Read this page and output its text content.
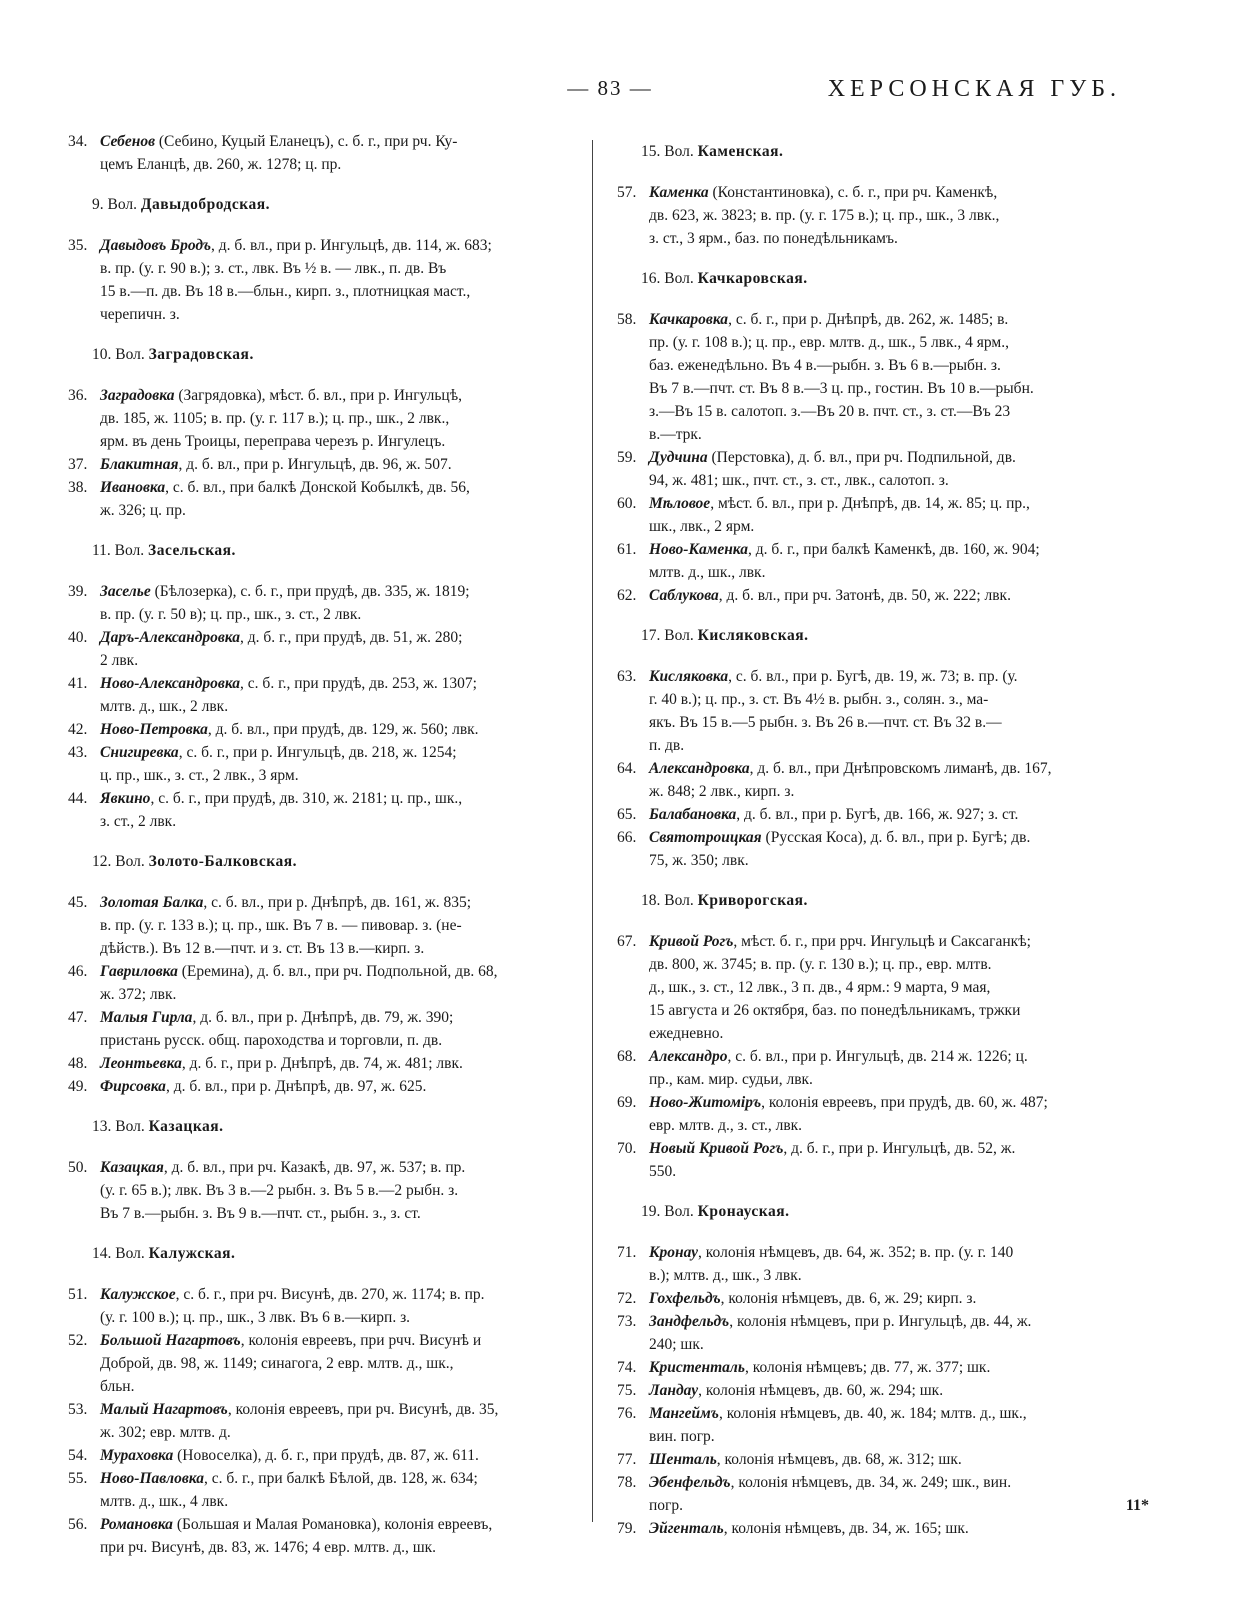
— 83 —	ХЕРСОНСКАЯ ГУБ.
34. Себенов (Себино, Куцый Еланецъ), с. б. г., при рч. Ку-
цемъ Еланцѣ, дв. 260, ж. 1278; ц. пр.
9. Вол. Давыдобродская.
35. Давыдовъ Бродъ, д. б. вл., при р. Ингульцѣ, дв. 114, ж. 683;
в. пр. (у. г. 90 в.); з. ст., лвк. Въ ½ в. — лвк., п. дв. Въ
15 в.—п. дв. Въ 18 в.—бльн., кирп. з., плотницкая маст.,
черепичн. з.
10. Вол. Заградовская.
36. Заградовка (Загрядовка), мѣст. б. вл., при р. Ингульцѣ,
дв. 185, ж. 1105; в. пр. (у. г. 117 в.); ц. пр., шк., 2 лвк.,
ярм. въ день Троицы, переправа черезъ р. Ингулецъ.
37. Блакитная, д. б. вл., при р. Ингульцѣ, дв. 96, ж. 507.
38. Ивановка, с. б. вл., при балкѣ Донской Кобылкѣ, дв. 56,
ж. 326; ц. пр.
11. Вол. Засельская.
39. Заселье (Бѣлозерка), с. б. г., при прудѣ, дв. 335, ж. 1819;
в. пр. (у. г. 50 в); ц. пр., шк., з. ст., 2 лвк.
40. Даръ-Александровка, д. б. г., при прудѣ, дв. 51, ж. 280;
2 лвк.
41. Ново-Александровка, с. б. г., при прудѣ, дв. 253, ж. 1307;
млтв. д., шк., 2 лвк.
42. Ново-Петровка, д. б. вл., при прудѣ, дв. 129, ж. 560; лвк.
43. Снигиревка, с. б. г., при р. Ингульцѣ, дв. 218, ж. 1254;
ц. пр., шк., з. ст., 2 лвк., 3 ярм.
44. Явкино, с. б. г., при прудѣ, дв. 310, ж. 2181; ц. пр., шк.,
з. ст., 2 лвк.
12. Вол. Золото-Балковская.
45. Золотая Балка, с. б. вл., при р. Днѣпрѣ, дв. 161, ж. 835;
в. пр. (у. г. 133 в.); ц. пр., шк. Въ 7 в. — пивовар. з. (не-
дѣйств.). Въ 12 в.—пчт. и з. ст. Въ 13 в.—кирп. з.
46. Гавриловка (Еремина), д. б. вл., при рч. Подпольной, дв. 68,
ж. 372; лвк.
47. Малыя Гирла, д. б. вл., при р. Днѣпрѣ, дв. 79, ж. 390;
пристань русск. общ. пароходства и торговли, п. дв.
48. Леонтьевка, д. б. г., при р. Днѣпрѣ, дв. 74, ж. 481; лвк.
49. Фирсовка, д. б. вл., при р. Днѣпрѣ, дв. 97, ж. 625.
13. Вол. Казацкая.
50. Казацкая, д. б. вл., при рч. Казакѣ, дв. 97, ж. 537; в. пр.
(у. г. 65 в.); лвк. Въ 3 в.—2 рыбн. з. Въ 5 в.—2 рыбн. з.
Въ 7 в.—рыбн. з. Въ 9 в.—пчт. ст., рыбн. з., з. ст.
14. Вол. Калужская.
51. Калужское, с. б. г., при рч. Висунѣ, дв. 270, ж. 1174; в. пр.
(у. г. 100 в.); ц. пр., шк., 3 лвк. Въ 6 в.—кирп. з.
52. Большой Нагартовъ, колонія евреевъ, при рчч. Висунѣ и
Доброй, дв. 98, ж. 1149; синагога, 2 евр. млтв. д., шк.,
бльн.
53. Малый Нагартовъ, колонія евреевъ, при рч. Висунѣ, дв. 35,
ж. 302; евр. млтв. д.
54. Мураховка (Новоселка), д. б. г., при прудѣ, дв. 87, ж. 611.
55. Ново-Павловка, с. б. г., при балкѣ Бѣлой, дв. 128, ж. 634;
млтв. д., шк., 4 лвк.
56. Романовка (Большая и Малая Романовка), колонія евреевъ,
при рч. Висунѣ, дв. 83, ж. 1476; 4 евр. млтв. д., шк.
15. Вол. Каменская.
57. Каменка (Константиновка), с. б. г., при рч. Каменкѣ,
дв. 623, ж. 3823; в. пр. (у. г. 175 в.); ц. пр., шк., 3 лвк.,
з. ст., 3 ярм., баз. по понедѣльникамъ.
16. Вол. Качкаровская.
58. Качкаровка, с. б. г., при р. Днѣпрѣ, дв. 262, ж. 1485; в.
пр. (у. г. 108 в.); ц. пр., евр. млтв. д., шк., 5 лвк., 4 ярм.,
баз. еженедѣльно. Въ 4 в.—рыбн. з. Въ 6 в.—рыбн. з.
Въ 7 в.—пчт. ст. Въ 8 в.—3 ц. пр., гостин. Въ 10 в.—рыбн.
з.—Въ 15 в. салотоп. з.—Въ 20 в. пчт. ст., з. ст.—Въ 23
в.—трк.
59. Дудчина (Перстовка), д. б. вл., при рч. Подпильной, дв.
94, ж. 481; шк., пчт. ст., з. ст., лвк., салотоп. з.
60. Мѣловое, мѣст. б. вл., при р. Днѣпрѣ, дв. 14, ж. 85; ц. пр.,
шк., лвк., 2 ярм.
61. Ново-Каменка, д. б. г., при балкѣ Каменкѣ, дв. 160, ж. 904;
млтв. д., шк., лвк.
62. Саблукова, д. б. вл., при рч. Затонѣ, дв. 50, ж. 222; лвк.
17. Вол. Кисляковская.
63. Кисляковка, с. б. вл., при р. Бугѣ, дв. 19, ж. 73; в. пр. (у.
г. 40 в.); ц. пр., з. ст. Въ 4½ в. рыбн. з., солян. з., ма-
якъ. Въ 15 в.—5 рыбн. з. Въ 26 в.—пчт. ст. Въ 32 в.—
п. дв.
64. Александровка, д. б. вл., при Днѣпровскомъ лиманѣ, дв. 167,
ж. 848; 2 лвк., кирп. з.
65. Балабановка, д. б. вл., при р. Бугѣ, дв. 166, ж. 927; з. ст.
66. Святотроицкая (Русская Коса), д. б. вл., при р. Бугѣ; дв.
75, ж. 350; лвк.
18. Вол. Криворогская.
67. Кривой Рогъ, мѣст. б. г., при ррч. Ингульцѣ и Саксаганкѣ;
дв. 800, ж. 3745; в. пр. (у. г. 130 в.); ц. пр., евр. млтв.
д., шк., з. ст., 12 лвк., 3 п. дв., 4 ярм.: 9 марта, 9 мая,
15 августа и 26 октября, баз. по понедѣльникамъ, тржки
ежедневно.
68. Александро, с. б. вл., при р. Ингульцѣ, дв. 214 ж. 1226; ц.
пр., кам. мир. судьи, лвк.
69. Ново-Житоміръ, колонія евреевъ, при прудѣ, дв. 60, ж. 487;
евр. млтв. д., з. ст., лвк.
70. Новый Кривой Рогъ, д. б. г., при р. Ингульцѣ, дв. 52, ж.
550.
19. Вол. Кронауская.
71. Кронау, колонія нѣмцевъ, дв. 64, ж. 352; в. пр. (у. г. 140
в.); млтв. д., шк., 3 лвк.
72. Гохфельдъ, колонія нѣмцевъ, дв. 6, ж. 29; кирп. з.
73. Зандфельдъ, колонія нѣмцевъ, при р. Ингульцѣ, дв. 44, ж.
240; шк.
74. Кристенталь, колонія нѣмцевъ; дв. 77, ж. 377; шк.
75. Ландау, колонія нѣмцевъ, дв. 60, ж. 294; шк.
76. Мангеймъ, колонія нѣмцевъ, дв. 40, ж. 184; млтв. д., шк.,
вин. погр.
77. Шенталь, колонія нѣмцевъ, дв. 68, ж. 312; шк.
78. Эбенфельдъ, колонія нѣмцевъ, дв. 34, ж. 249; шк., вин.
погр.
79. Эйгенталь, колонія нѣмцевъ, дв. 34, ж. 165; шк.
11*
